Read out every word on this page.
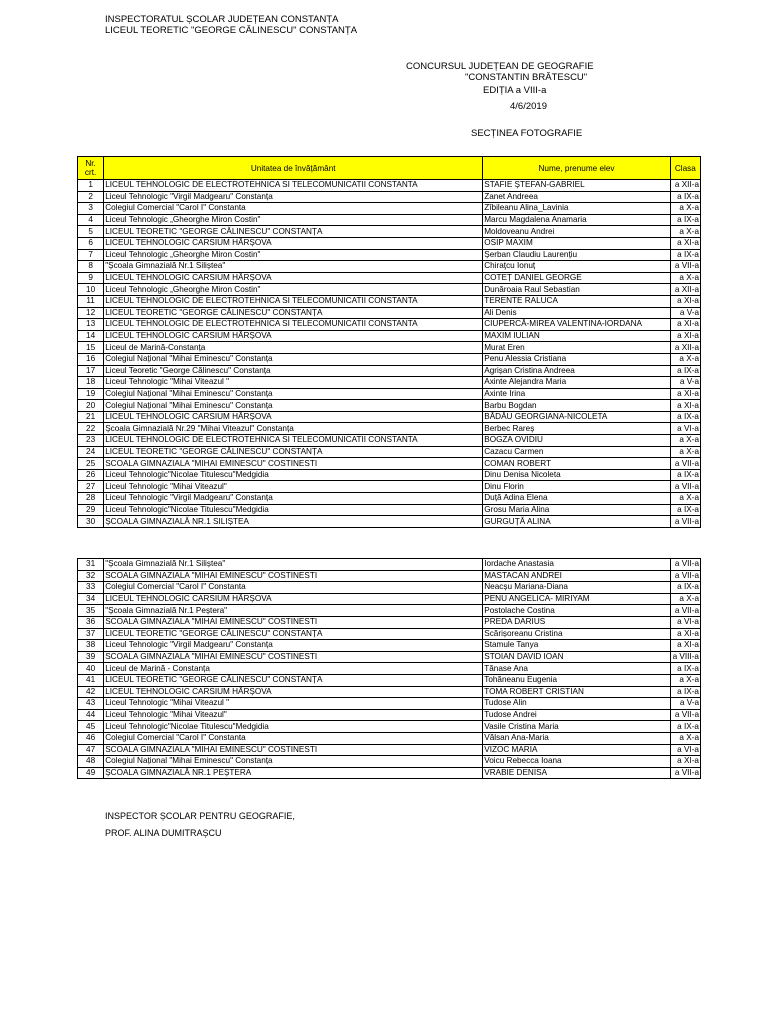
INSPECTORATUL ȘCOLAR JUDEȚEAN CONSTANȚA
LICEUL TEORETIC "GEORGE CĂLINESCU" CONSTANȚA
CONCURSUL JUDEȚEAN DE GEOGRAFIE
"CONSTANTIN BRĂTESCU"
EDIȚIA a VIII-a
4/6/2019
SECȚINEA FOTOGRAFIE
Nr. crt.	Unitatea de învățământ	Nume, prenume elev	Clasa
1	LICEUL TEHNOLOGIC DE ELECTROTEHNICA SI TELECOMUNICATII CONSTANTA	STAFIE ȘTEFAN-GABRIEL	a XII-a
2	Liceul Tehnologic "Virgil Madgearu" Constanța	Zanet Andreea	a IX-a
3	Colegiul Comercial "Carol I" Constanta	Zîbileanu Alina_Lavinia	a X-a
4	Liceul Tehnologic „Gheorghe Miron Costin"	Marcu Magdalena Anamaria	a IX-a
5	LICEUL TEORETIC "GEORGE CĂLINESCU" CONSTANȚA	Moldoveanu Andrei	a X-a
6	LICEUL TEHNOLOGIC CARSIUM HÂRȘOVA	OSIP MAXIM	a XI-a
7	Liceul Tehnologic „Gheorghe Miron Costin"	Șerban Claudiu Laurențiu	a IX-a
8	"Școala Gimnazială Nr.1 Siliștea"	Chiraţcu Ionuț	a VII-a
9	LICEUL TEHNOLOGIC CARSIUM HÂRȘOVA	COTEȚ DANIEL GEORGE	a X-a
10	Liceul Tehnologic „Gheorghe Miron Costin"	Dunăroaia Raul Sebastian	a XII-a
11	LICEUL TEHNOLOGIC DE ELECTROTEHNICA SI TELECOMUNICATII CONSTANTA	TERENTE RALUCA	a XI-a
12	LICEUL TEORETIC "GEORGE CĂLINESCU" CONSTANȚA	Ali Denis	a V-a
13	LICEUL TEHNOLOGIC DE ELECTROTEHNICA SI TELECOMUNICATII CONSTANTA	CIUPERCĂ-MIREA VALENTINA-IORDANA	a XI-a
14	LICEUL TEHNOLOGIC CARSIUM HÂRȘOVA	MAXIM IULIAN	a XI-a
15	Liceul de Marină-Constanța	Murat Eren	a XII-a
16	Colegiul Național "Mihai Eminescu" Constanța	Penu Alessia Cristiana	a X-a
17	Liceul Teoretic "George Călinescu" Constanța	Agrișan Cristina Andreea	a IX-a
18	Liceul Tehnologic "Mihai Viteazul "	Axinte Alejandra Maria	a V-a
19	Colegiul Național "Mihai Eminescu" Constanța	Axinte Irina	a XI-a
20	Colegiul Național "Mihai Eminescu" Constanța	Barbu Bogdan	a XI-a
21	LICEUL TEHNOLOGIC CARSIUM HÂRȘOVA	BĂDĂU GEORGIANA-NICOLETA	a IX-a
22	Școala Gimnazială Nr.29 "Mihai Viteazul" Constanța	Berbec Rareș	a VI-a
23	LICEUL TEHNOLOGIC DE ELECTROTEHNICA SI TELECOMUNICATII CONSTANTA	BOGZA OVIDIU	a X-a
24	LICEUL TEORETIC "GEORGE CĂLINESCU" CONSTANȚA	Cazacu Carmen	a X-a
25	SCOALA GIMNAZIALA "MIHAI EMINESCU" COSTINESTI	COMAN ROBERT	a VII-a
26	Liceul Tehnologic"Nicolae Titulescu"Medgidia	Dinu Denisa Nicoleta	a IX-a
27	Liceul Tehnologic "Mihai Viteazul"	Dinu Florin	a VII-a
28	Liceul Tehnologic "Virgil Madgearu" Constanța	Duță Adina Elena	a X-a
29	Liceul Tehnologic"Nicolae Titulescu"Medgidia	Grosu Maria Alina	a IX-a
30	ȘCOALA GIMNAZIALĂ NR.1 SILIȘTEA	GURGUȚĂ ALINA	a VII-a
31	"Școala Gimnazială Nr.1 Siliștea"	Iordache Anastasia	a VII-a
32	SCOALA GIMNAZIALA "MIHAI EMINESCU" COSTINESTI	MASTACAN ANDREI	a VII-a
33	Colegiul Comercial "Carol I" Constanta	Neacșu Mariana-Diana	a IX-a
34	LICEUL TEHNOLOGIC CARSIUM HÂRȘOVA	PENU ANGELICA- MIRIYAM	a X-a
35	"Școala Gimnazială Nr.1 Peștera"	Postolache Costina	a VII-a
36	SCOALA GIMNAZIALA "MIHAI EMINESCU" COSTINESTI	PREDA DARIUS	a VI-a
37	LICEUL TEORETIC "GEORGE CĂLINESCU" CONSTANȚA	Scărișoreanu Cristina	a XI-a
38	Liceul Tehnologic "Virgil Madgearu" Constanța	Stamule Tanya	a XI-a
39	SCOALA GIMNAZIALA "MIHAI EMINESCU" COSTINESTI	STOIAN DAVID IOAN	a VIII-a
40	Liceul de Marină - Constanța	Tănase Ana	a IX-a
41	LICEUL TEORETIC "GEORGE CĂLINESCU" CONSTANȚA	Tohăneanu Eugenia	a X-a
42	LICEUL TEHNOLOGIC CARSIUM HÂRȘOVA	TOMA ROBERT CRISTIAN	a IX-a
43	Liceul Tehnologic "Mihai Viteazul "	Tudose Alin	a V-a
44	Liceul Tehnologic "Mihai Viteazul"	Tudose Andrei	a VII-a
45	Liceul Tehnologic"Nicolae Titulescu"Medgidia	Vasile Cristina Maria	a IX-a
46	Colegiul Comercial "Carol I" Constanta	Vălsan Ana-Maria	a X-a
47	SCOALA GIMNAZIALA "MIHAI EMINESCU" COSTINESTI	VIZOC MARIA	a VI-a
48	Colegiul Național "Mihai Eminescu" Constanța	Voicu Rebecca Ioana	a XI-a
49	ȘCOALA GIMNAZIALĂ NR.1 PEȘTERA	VRABIE DENISA	a VII-a
INSPECTOR ȘCOLAR PENTRU GEOGRAFIE,
PROF. ALINA DUMITRAȘCU
